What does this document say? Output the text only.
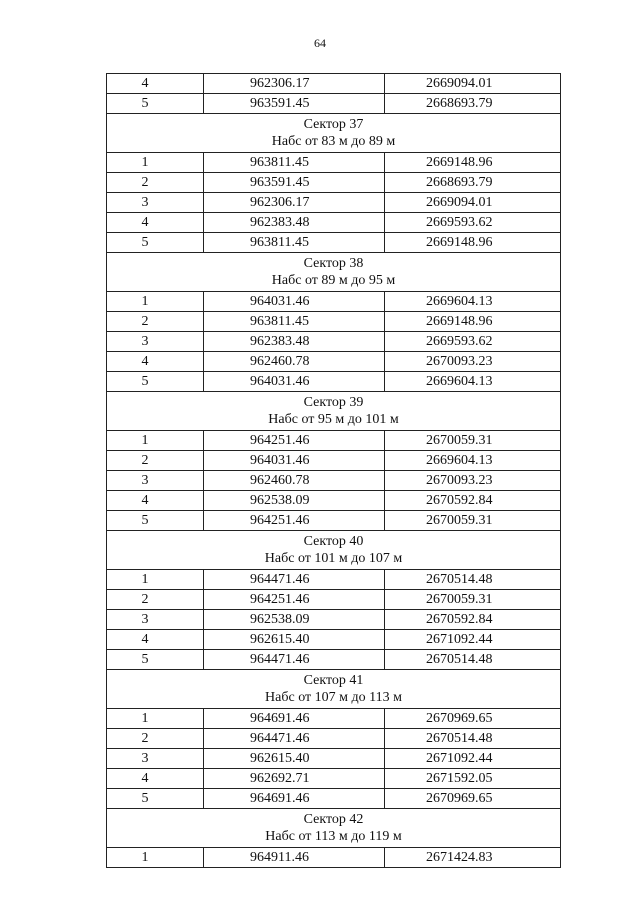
64
4	962306.17	2669094.01
5	963591.45	2668693.79

Сектор 37
Набс от 83 м до 89 м		

1	963811.45	2669148.96
2	963591.45	2668693.79
3	962306.17	2669094.01
4	962383.48	2669593.62
5	963811.45	2669148.96

Сектор 38
Набс от 89 м до 95 м		

1	964031.46	2669604.13
2	963811.45	2669148.96
3	962383.48	2669593.62
4	962460.78	2670093.23
5	964031.46	2669604.13

Сектор 39
Набс от 95 м до 101 м		

1	964251.46	2670059.31
2	964031.46	2669604.13
3	962460.78	2670093.23
4	962538.09	2670592.84
5	964251.46	2670059.31

Сектор 40
Набс от 101 м до 107 м		

1	964471.46	2670514.48
2	964251.46	2670059.31
3	962538.09	2670592.84
4	962615.40	2671092.44
5	964471.46	2670514.48

Сектор 41
Набс от 107 м до 113 м		

1	964691.46	2670969.65
2	964471.46	2670514.48
3	962615.40	2671092.44
4	962692.71	2671592.05
5	964691.46	2670969.65

Сектор 42
Набс от 113 м до 119 м		

1	964911.46	2671424.83
